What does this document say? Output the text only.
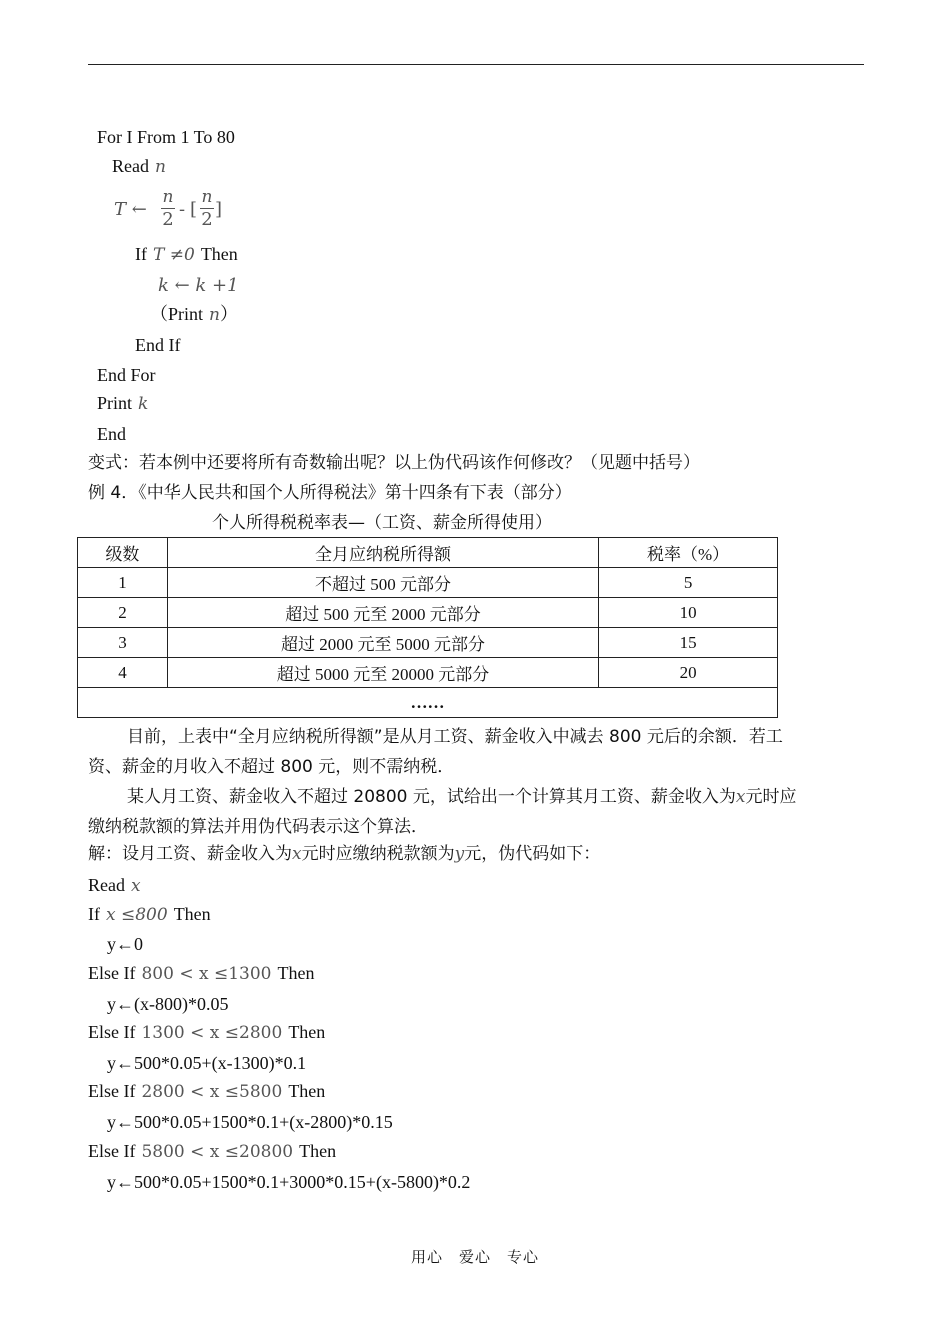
For I From 1 To 80
Read n
T ←
n
2 - [
n
2 ]
If T ≠0 Then
k ← k +1
（Print n）
End If
End For
Print k
End
变式：若本例中还要将所有奇数输出呢？以上伪代码该作何修改？（见题中括号）
例 4．《中华人民共和国个人所得税法》第十四条有下表（部分）
个人所得税税率表—（工资、薪金所得使用）
级数	全月应纳税所得额	税率（%）
1	不超过 500 元部分	5
2	超过 500 元至 2000 元部分	10
3	超过 2000 元至 5000 元部分	15
4	超过 5000 元至 20000 元部分	20
……		
目前，上表中“全月应纳税所得额”是从月工资、薪金收入中减去 800 元后的余额．若工
资、薪金的月收入不超过 800 元，则不需纳税．
某人月工资、薪金收入不超过 20800 元，试给出一个计算其月工资、薪金收入为x元时应
缴纳税款额的算法并用伪代码表示这个算法．
解：设月工资、薪金收入为x元时应缴纳税款额为y元，伪代码如下：
Read x
If x ≤800 Then
y←0
Else If 800 < x ≤1300 Then
y←(x-800)*0.05
Else If 1300 < x ≤2800 Then
y←500*0.05+(x-1300)*0.1
Else If 2800 < x ≤5800 Then
y←500*0.05+1500*0.1+(x-2800)*0.15
Else If 5800 < x ≤20800 Then
y←500*0.05+1500*0.1+3000*0.15+(x-5800)*0.2
用心　爱心　专心
